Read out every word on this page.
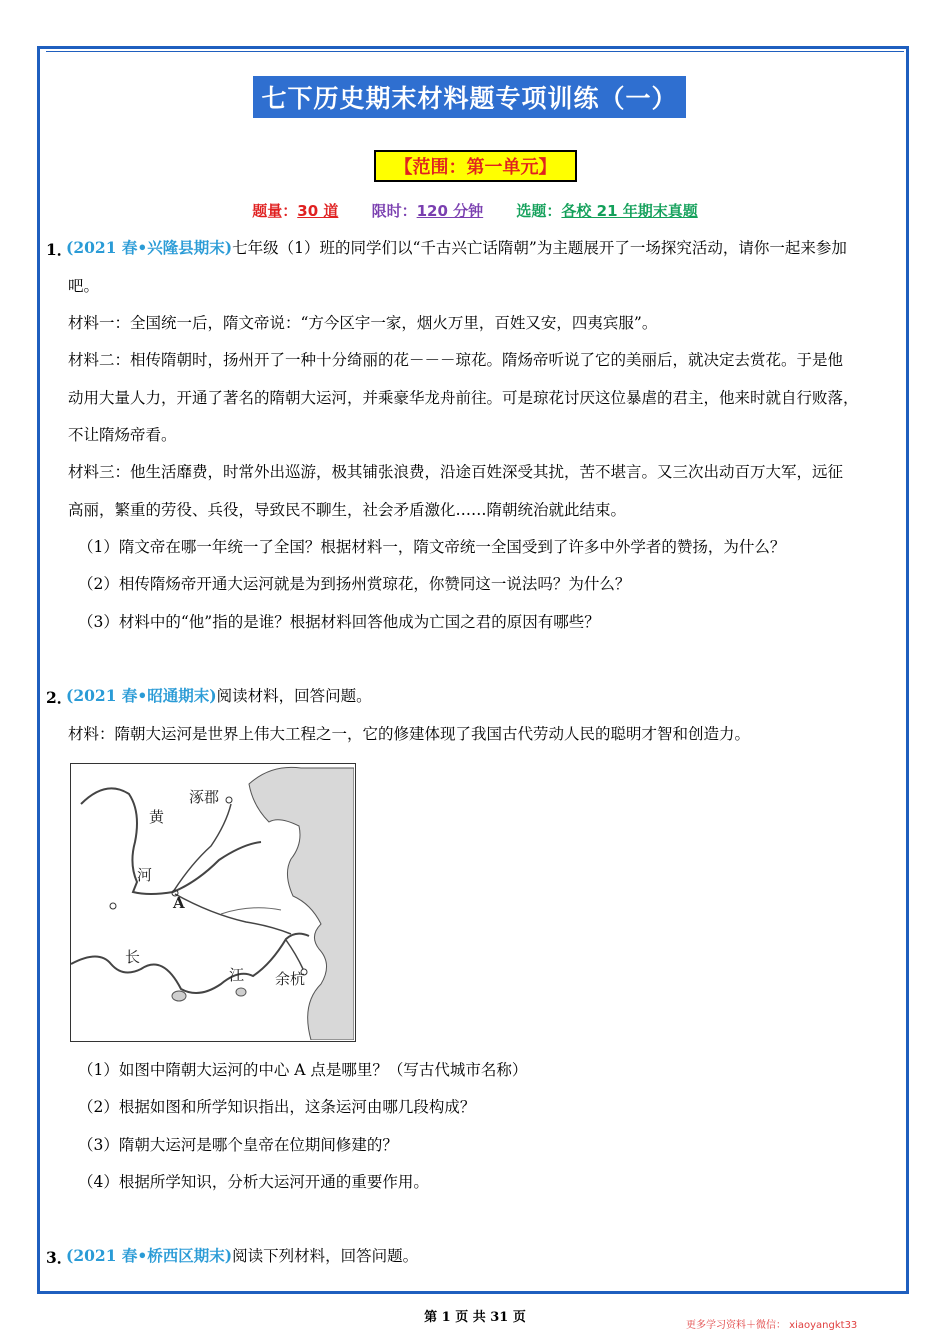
七下历史期末材料题专项训练（一）
【范围：第一单元】
题量：30 道 限时：120 分钟 选题：各校 21 年期末真题
1．
(2021 春•兴隆县期末)七年级（1）班的同学们以“千古兴亡话隋朝”为主题展开了一场探究活动，请你一起来参加
吧。
材料一：全国统一后，隋文帝说：“方今区宇一家，烟火万里，百姓又安，四夷宾服”。
材料二：相传隋朝时，扬州开了一种十分绮丽的花－－－琼花。隋炀帝听说了它的美丽后，就决定去赏花。于是他
动用大量人力，开通了著名的隋朝大运河，并乘豪华龙舟前往。可是琼花讨厌这位暴虐的君主，他来时就自行败落，
不让隋炀帝看。
材料三：他生活靡费，时常外出巡游，极其铺张浪费，沿途百姓深受其扰，苦不堪言。又三次出动百万大军，远征
高丽，繁重的劳役、兵役，导致民不聊生，社会矛盾激化……隋朝统治就此结束。
（1）隋文帝在哪一年统一了全国？根据材料一，隋文帝统一全国受到了许多中外学者的赞扬，为什么？
（2）相传隋炀帝开通大运河就是为到扬州赏琼花，你赞同这一说法吗？为什么？
（3）材料中的“他”指的是谁？根据材料回答他成为亡国之君的原因有哪些？
2．
(2021 春•昭通期末)阅读材料，回答问题。
材料：隋朝大运河是世界上伟大工程之一，它的修建体现了我国古代劳动人民的聪明才智和创造力。
涿郡
黄
河
A
长
江 余杭
（1）如图中隋朝大运河的中心 A 点是哪里？（写古代城市名称）
（2）根据如图和所学知识指出，这条运河由哪几段构成？
（3）隋朝大运河是哪个皇帝在位期间修建的？
（4）根据所学知识，分析大运河开通的重要作用。
3．
(2021 春•桥西区期末)阅读下列材料，回答问题。
第 1 页 共 31 页
更多学习资料＋微信： xiaoyangkt33
